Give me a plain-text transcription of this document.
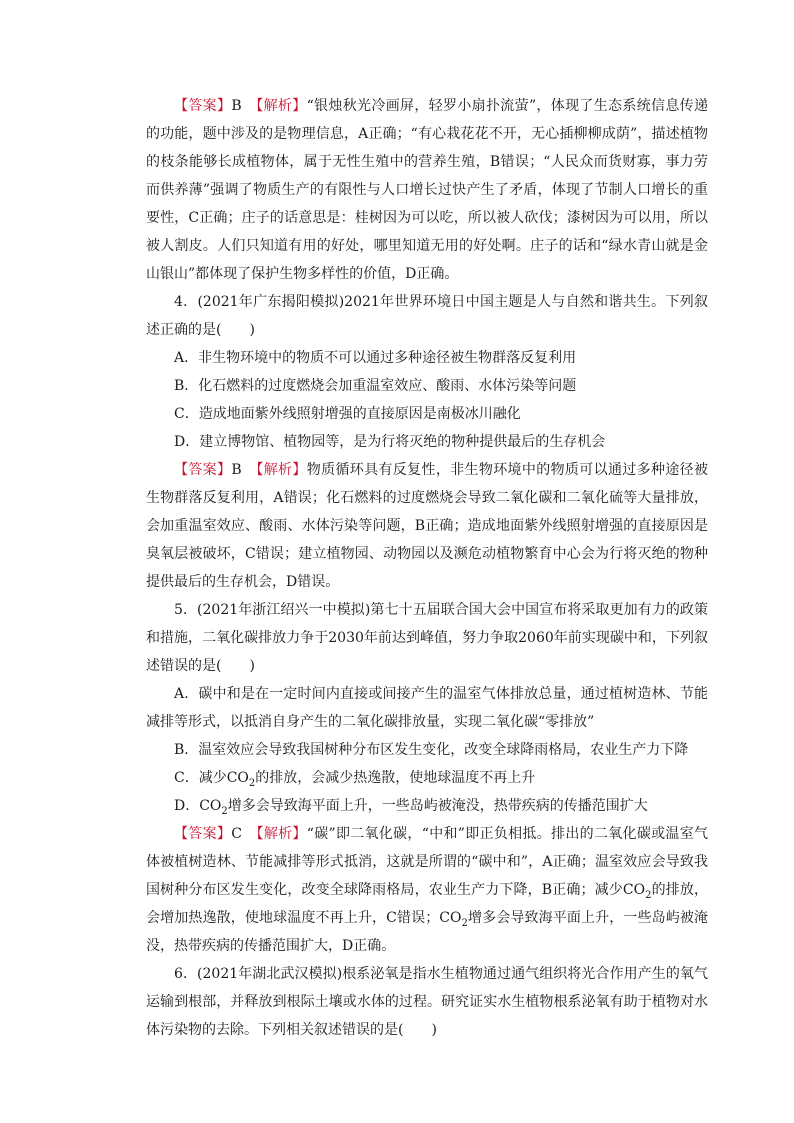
【答案】B　 【解析】“银烛秋光冷画屏，轻罗小扇扑流萤”，体现了生态系统信息传递的功能，题中涉及的是物理信息，A正确；“有心栽花花不开，无心插柳柳成荫”，描述植物的枝条能够长成植物体，属于无性生殖中的营养生殖，B错误；“人民众而货财寡，事力劳而供养薄”强调了物质生产的有限性与人口增长过快产生了矛盾，体现了节制人口增长的重要性，C正确；庄子的话意思是：桂树因为可以吃，所以被人砍伐；漆树因为可以用，所以被人割皮。人们只知道有用的好处，哪里知道无用的好处啊。庄子的话和“绿水青山就是金山银山”都体现了保护生物多样性的价值，D正确。

4．(2021年广东揭阳模拟)2021年世界环境日中国主题是人与自然和谐共生。下列叙述正确的是(　　)

A．非生物环境中的物质不可以通过多种途径被生物群落反复利用

B．化石燃料的过度燃烧会加重温室效应、酸雨、水体污染等问题

C．造成地面紫外线照射增强的直接原因是南极冰川融化

D．建立博物馆、植物园等，是为行将灭绝的物种提供最后的生存机会

【答案】B　 【解析】物质循环具有反复性，非生物环境中的物质可以通过多种途径被生物群落反复利用，A错误；化石燃料的过度燃烧会导致二氧化碳和二氧化硫等大量排放，会加重温室效应、酸雨、水体污染等问题，B正确；造成地面紫外线照射增强的直接原因是臭氧层被破坏，C错误；建立植物园、动物园以及濒危动植物繁育中心会为行将灭绝的物种提供最后的生存机会，D错误。

5．(2021年浙江绍兴一中模拟)第七十五届联合国大会中国宣布将采取更加有力的政策和措施，二氧化碳排放力争于2030年前达到峰值，努力争取2060年前实现碳中和，下列叙述错误的是(　　)

A．碳中和是在一定时间内直接或间接产生的温室气体排放总量，通过植树造林、节能减排等形式，以抵消自身产生的二氧化碳排放量，实现二氧化碳“零排放”

B．温室效应会导致我国树种分布区发生变化，改变全球降雨格局，农业生产力下降

C．减少$CO_2$的排放，会减少热逸散，使地球温度不再上升

D．$CO_2$增多会导致海平面上升，一些岛屿被淹没，热带疾病的传播范围扩大

【答案】C　 【解析】“碳”即二氧化碳，“中和”即正负相抵。排出的二氧化碳或温室气体被植树造林、节能减排等形式抵消，这就是所谓的“碳中和”，A正确；温室效应会导致我国树种分布区发生变化，改变全球降雨格局，农业生产力下降，B正确；减少$CO_2$的排放，会增加热逸散，使地球温度不再上升，C错误；$CO_2$增多会导致海平面上升，一些岛屿被淹没，热带疾病的传播范围扩大，D正确。

6．(2021年湖北武汉模拟)根系泌氧是指水生植物通过通气组织将光合作用产生的氧气运输到根部，并释放到根际土壤或水体的过程。研究证实水生植物根系泌氧有助于植物对水体污染物的去除。下列相关叙述错误的是(　　)
